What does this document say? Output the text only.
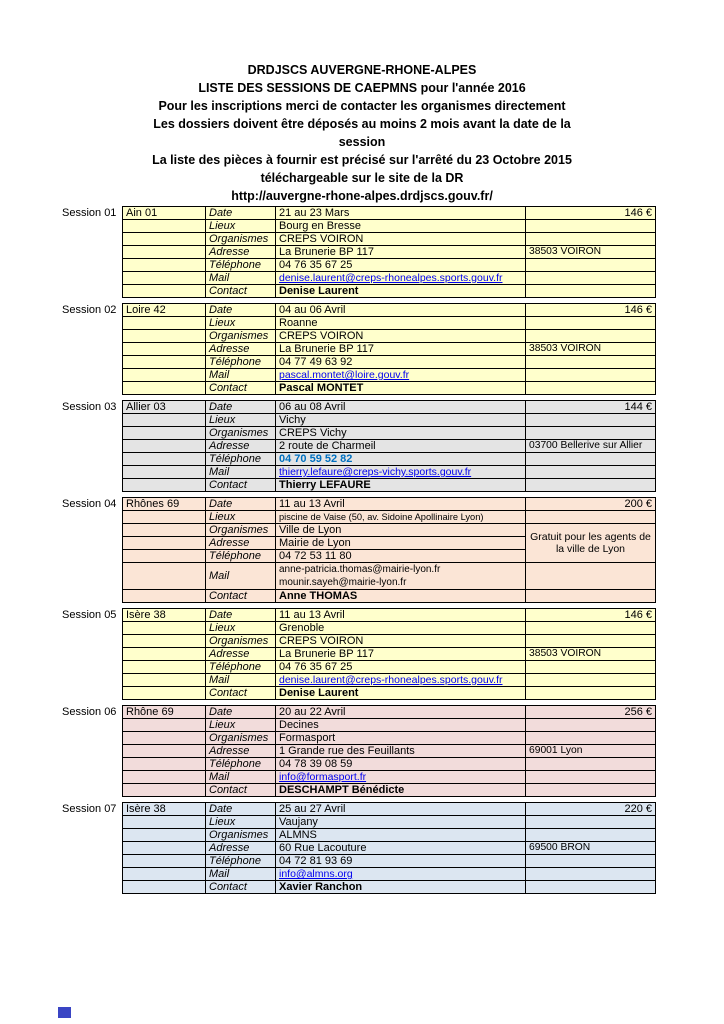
DRDJSCS AUVERGNE-RHONE-ALPES
LISTE DES SESSIONS DE CAEPMNS pour l'année 2016
Pour les inscriptions merci de contacter les organismes directement
Les dossiers doivent être déposés au moins 2 mois avant la date de la
session
La liste des pièces à fournir est précisé sur l'arrêté du 23 Octobre 2015
téléchargeable sur le site de la DR
http://auvergne-rhone-alpes.drdjscs.gouv.fr/
Session 01 Ain 01	Date	21 au 23 Mars	146 €
	Lieux	Bourg en Bresse	
	Organismes	CREPS VOIRON	
	Adresse	La Brunerie BP 117	38503 VOIRON
	Téléphone	04 76 35 67 25	
	Mail	denise.laurent@creps-rhonealpes.sports.gouv.fr	

	Contact	Denise Laurent	
Session 02 Loire 42	Date	04 au 06 Avril	146 €
	Lieux	Roanne	
	Organismes	CREPS VOIRON	
	Adresse	La Brunerie BP 117	38503 VOIRON
	Téléphone	04 77 49 63 92	
	Mail	pascal.montet@loire.gouv.fr	

	Contact	Pascal MONTET	
Session 03 Allier 03	Date	06 au 08 Avril	144 €
	Lieux	Vichy	
	Organismes	CREPS Vichy	
	Adresse	2 route de Charmeil	03700 Bellerive sur Allier
	Téléphone	04 70 59 52 82	
	Mail	thierry.lefaure@creps-vichy.sports.gouv.fr	

	Contact	Thierry LEFAURE	
Session 04 Rhônes 69	Date	11 au 13 Avril	200 €
	Lieux	piscine de Vaise (50, av. Sidoine Apollinaire Lyon)	
	Organismes	Ville de Lyon	Gratuit pour les agents de la ville de Lyon
	Adresse	Mairie de Lyon	
	Téléphone	04 72 53 11 80	
	Mail	anne-patricia.thomas@mairie-lyon.fr
mounir.sayeh@mairie-lyon.fr	

	Contact	Anne THOMAS	
Session 05 Isère 38	Date	11 au 13 Avril	146 €
	Lieux	Grenoble	
	Organismes	CREPS VOIRON	
	Adresse	La Brunerie BP 117	38503 VOIRON
	Téléphone	04 76 35 67 25	
	Mail	denise.laurent@creps-rhonealpes.sports.gouv.fr	

	Contact	Denise Laurent	
Session 06 Rhône 69	Date	20 au 22 Avril	256 €
	Lieux	Decines	
	Organismes	Formasport	
	Adresse	1 Grande rue des Feuillants	69001 Lyon
	Téléphone	04 78 39 08 59	
	Mail	info@formasport.fr	

	Contact	DESCHAMPT Bénédicte	
Session 07 Isère 38	Date	25 au 27 Avril	220 €
	Lieux	Vaujany	
	Organismes	ALMNS	
	Adresse	60 Rue Lacouture	69500 BRON
	Téléphone	04 72 81 93 69	
	Mail	info@almns.org	

	Contact	Xavier Ranchon	
